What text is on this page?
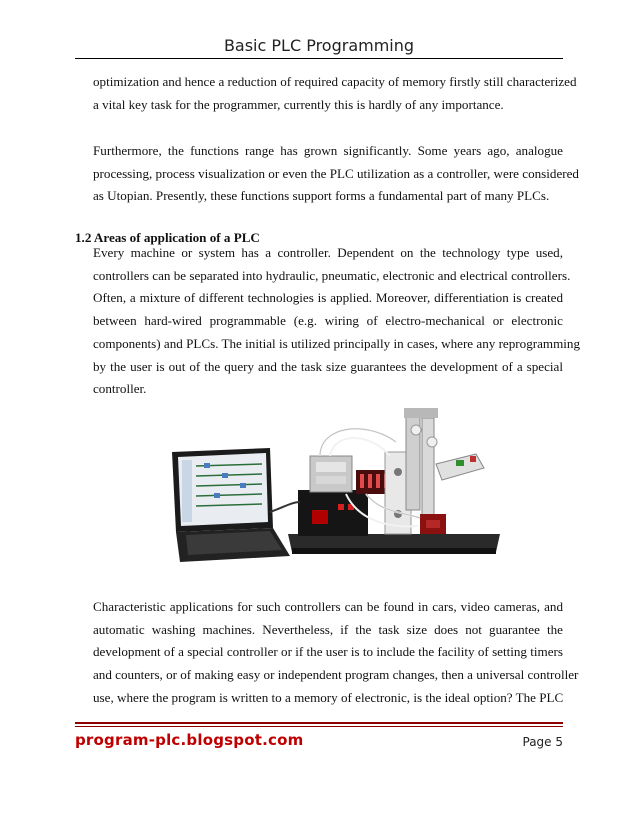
Basic PLC Programming
optimization and hence a reduction of required capacity of memory firstly still characterized
a vital key task for the programmer, currently this is hardly of any importance.
Furthermore, the functions range has grown significantly. Some years ago, analogue
processing, process visualization or even the PLC utilization as a controller, were considered
as Utopian. Presently, these functions support forms a fundamental part of many PLCs.
1.2 Areas of application of a PLC
Every machine or system has a controller. Dependent on the technology type used,
controllers can be separated into hydraulic, pneumatic, electronic and electrical controllers.
Often, a mixture of different technologies is applied. Moreover, differentiation is created
between hard-wired programmable (e.g. wiring of electro-mechanical or electronic
components) and PLCs. The initial is utilized principally in cases, where any reprogramming
by the user is out of the query and the task size guarantees the development of a special
controller.
Characteristic applications for such controllers can be found in cars, video cameras, and
automatic washing machines. Nevertheless, if the task size does not guarantee the
development of a special controller or if the user is to include the facility of setting timers
and counters, or of making easy or independent program changes, then a universal controller
use, where the program is written to a memory of electronic, is the ideal option? The PLC
program-plc.blogspot.com	Page 5
